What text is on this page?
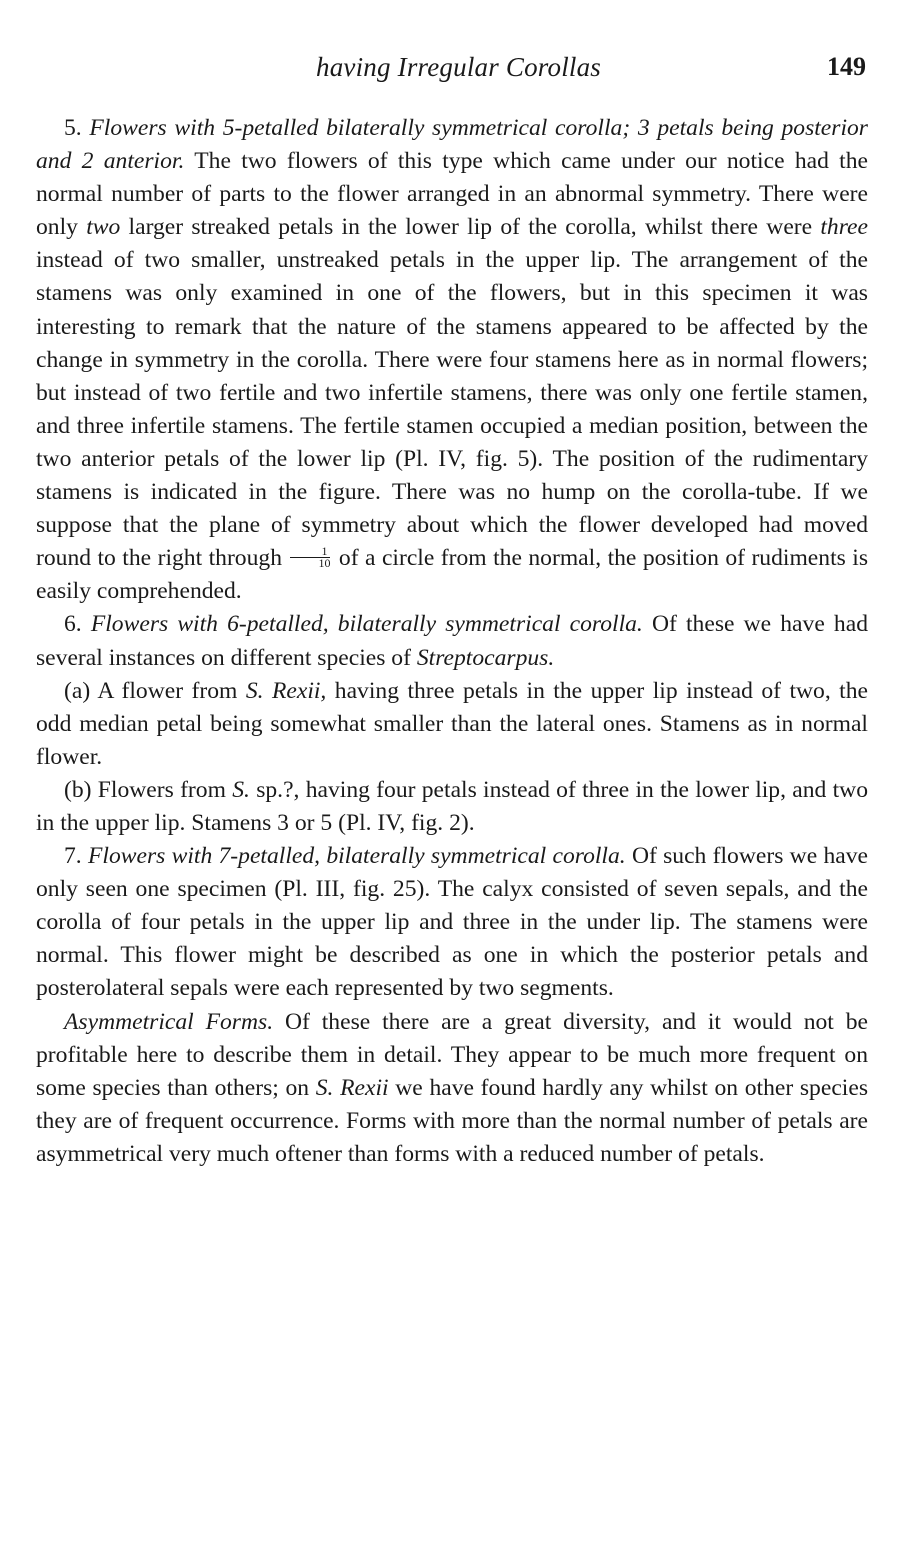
having Irregular Corollas	149

5. Flowers with 5-petalled bilaterally symmetrical corolla; 3 petals being posterior and 2 anterior. The two flowers of this type which came under our notice had the normal number of parts to the flower arranged in an abnormal symmetry. There were only two larger streaked petals in the lower lip of the corolla, whilst there were three instead of two smaller, unstreaked petals in the upper lip. The arrangement of the stamens was only examined in one of the flowers, but in this specimen it was interesting to remark that the nature of the stamens appeared to be affected by the change in symmetry in the corolla. There were four stamens here as in normal flowers; but instead of two fertile and two infertile stamens, there was only one fertile stamen, and three infertile stamens. The fertile stamen occupied a median position, between the two anterior petals of the lower lip (Pl. IV, fig. 5). The position of the rudimentary stamens is indicated in the figure. There was no hump on the corolla-tube. If we suppose that the plane of symmetry about which the flower developed had moved round to the right through $\frac{1}{10}$ of a circle from the normal, the position of rudiments is easily comprehended.

6. Flowers with 6-petalled, bilaterally symmetrical corolla. Of these we have had several instances on different species of Streptocarpus.

(a) A flower from S. Rexii, having three petals in the upper lip instead of two, the odd median petal being somewhat smaller than the lateral ones. Stamens as in normal flower.

(b) Flowers from S. sp.?, having four petals instead of three in the lower lip, and two in the upper lip. Stamens 3 or 5 (Pl. IV, fig. 2).

7. Flowers with 7-petalled, bilaterally symmetrical corolla. Of such flowers we have only seen one specimen (Pl. III, fig. 25). The calyx consisted of seven sepals, and the corolla of four petals in the upper lip and three in the under lip. The stamens were normal. This flower might be described as one in which the posterior petals and posterolateral sepals were each represented by two segments.

Asymmetrical Forms. Of these there are a great diversity, and it would not be profitable here to describe them in detail. They appear to be much more frequent on some species than others; on S. Rexii we have found hardly any whilst on other species they are of frequent occurrence. Forms with more than the normal number of petals are asymmetrical very much oftener than forms with a reduced number of petals.
